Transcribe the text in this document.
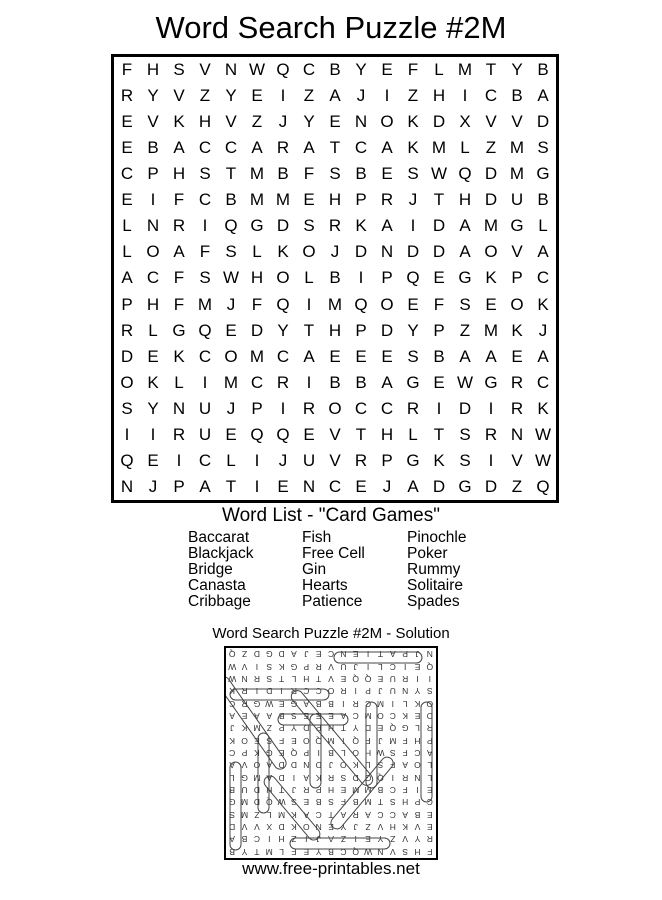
Word Search Puzzle #2M
F H S V N W Q C B Y E F L M T Y B
R Y V Z Y E	I	Z A J	I	Z H	I	C B A
E V K H V Z J Y E N O K D X V V D
E B A C C A R A T C A K M L Z M S
C P H S T M B F S B E S W Q D M G
E	I	F C B M M E H P R J T H D U B
L N R	I	Q G D S R K A	I	D A M G L
L O A F S L K O J D N D D A O V A
A C F S W H O L B	I	P Q E G K P C
P H F M J F Q	I M Q O E F S E O K
R L G Q E D Y T H P D Y P Z M K J
D E K C O M C A E E E S B A A E A
O K L	I M C R	I	B B A G E W G R C
S Y N U J P	I	R O C C R	I	D	I	R K
I	I	R U E Q Q E V T H L T S R N W
Q E	I	C L	I	J U V R P G K S	I	V W
N J P A T	I	E N C E J A D G D Z Q
Word List - "Card Games"
Baccarat
Blackjack
Bridge
Canasta
Cribbage
Fish
Free Cell
Gin
Hearts
Patience
Pinochle
Poker
Rummy
Solitaire
Spades
Word Search Puzzle #2M - Solution
F
H
S
V
N
W
Q
C
B
Y
E
F
L
M
T
Y
B
R
Y
V
Z
Y
E
I
Z
A
J
I
Z
H
I
C
B
A
E
V
K
H
V
Z
J
Y
E
N
O
K
D
X
V
V
D
E
B
A
C
C
A
R
A
T
C
A
K
M
L
Z
M
S
C
P
H
S
T
M
B
F
S
B
E
S
W
Q
D
M
G
E
I
F
C
B
M
M
E
H
P
R
J
T
H
D
U
B
L
N
R
I
Q
G
D
S
R
K
A
I
D
A
M
G
L
L
O
A
F
S
L
K
O
J
D
N
D
D
A
O
V
A
A
C
F
S
W
H
O
L
B
I
P
Q
E
G
K
P
C
P
H
F
M
J
F
Q
I
M
Q
O
E
F
S
E
O
K
R
L
G
Q
E
D
Y
T
H
P
D
Y
P
Z
M
K
J
D
E
K
C
O
M
C
A
E
E
E
S
B
A
A
E
A
O
K
L
I
M
C
R
I
B
B
A
G
E
W
G
R
C
S
Y
N
U
J
P
I
R
O
C
C
R
I
D
I
R
K
I
I
R
U
E
Q
Q
E
V
T
H
L
T
S
R
N
W
Q
E
I
C
L
I
J
U
V
R
P
G
K
S
I
V
W
N
J
P
A
T
I
E
N
C
E
J
A
D
G
D
Z
Q
www.free-printables.net
